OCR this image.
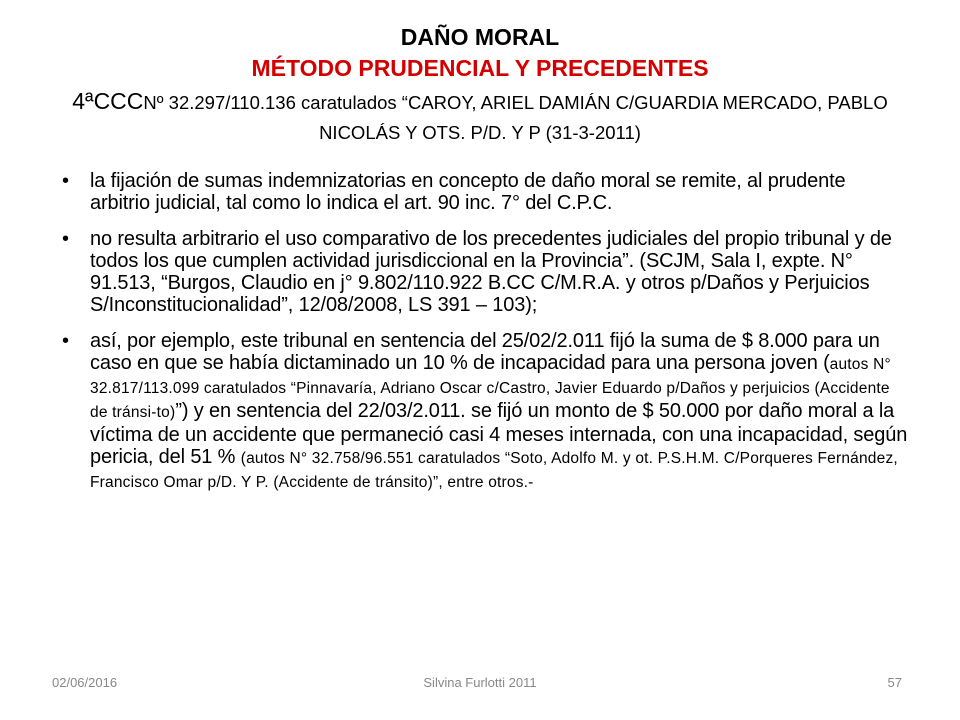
DAÑO MORAL
MÉTODO PRUDENCIAL Y PRECEDENTES
4ªCCCNº 32.297/110.136 caratulados “CAROY, ARIEL DAMIÁN C/GUARDIA MERCADO, PABLO NICOLÁS Y OTS. P/D. Y P (31-3-2011)
• la fijación de sumas indemnizatorias en concepto de daño moral se remite, al prudente arbitrio judicial, tal como lo indica el art. 90 inc. 7° del C.P.C.
• no resulta arbitrario el uso comparativo de los precedentes judiciales del propio tribunal y de todos los que cumplen actividad jurisdiccional en la Provincia”. (SCJM, Sala I, expte. N° 91.513, “Burgos, Claudio en j° 9.802/110.922 B.CC C/M.R.A. y otros p/Daños y Perjuicios S/Inconstitucionalidad”, 12/08/2008, LS 391 – 103);
• así, por ejemplo, este tribunal en sentencia del 25/02/2.011 fijó la suma de $ 8.000 para un caso en que se había dictaminado un 10 % de incapacidad para una persona joven (autos N° 32.817/113.099 caratulados “Pinnavaría, Adriano Oscar c/Castro, Javier Eduardo p/Daños y perjuicios (Accidente de tránsi-to)”) y en sentencia del 22/03/2.011. se fijó un monto de $ 50.000 por daño moral a la víctima de un accidente que permaneció casi 4 meses internada, con una incapacidad, según pericia, del 51 % (autos N° 32.758/96.551 caratulados “Soto, Adolfo M. y ot. P.S.H.M. C/Porqueres Fernández, Francisco Omar p/D. Y P. (Accidente de tránsito)”, entre otros.-
02/06/2016	Silvina Furlotti 2011	57
